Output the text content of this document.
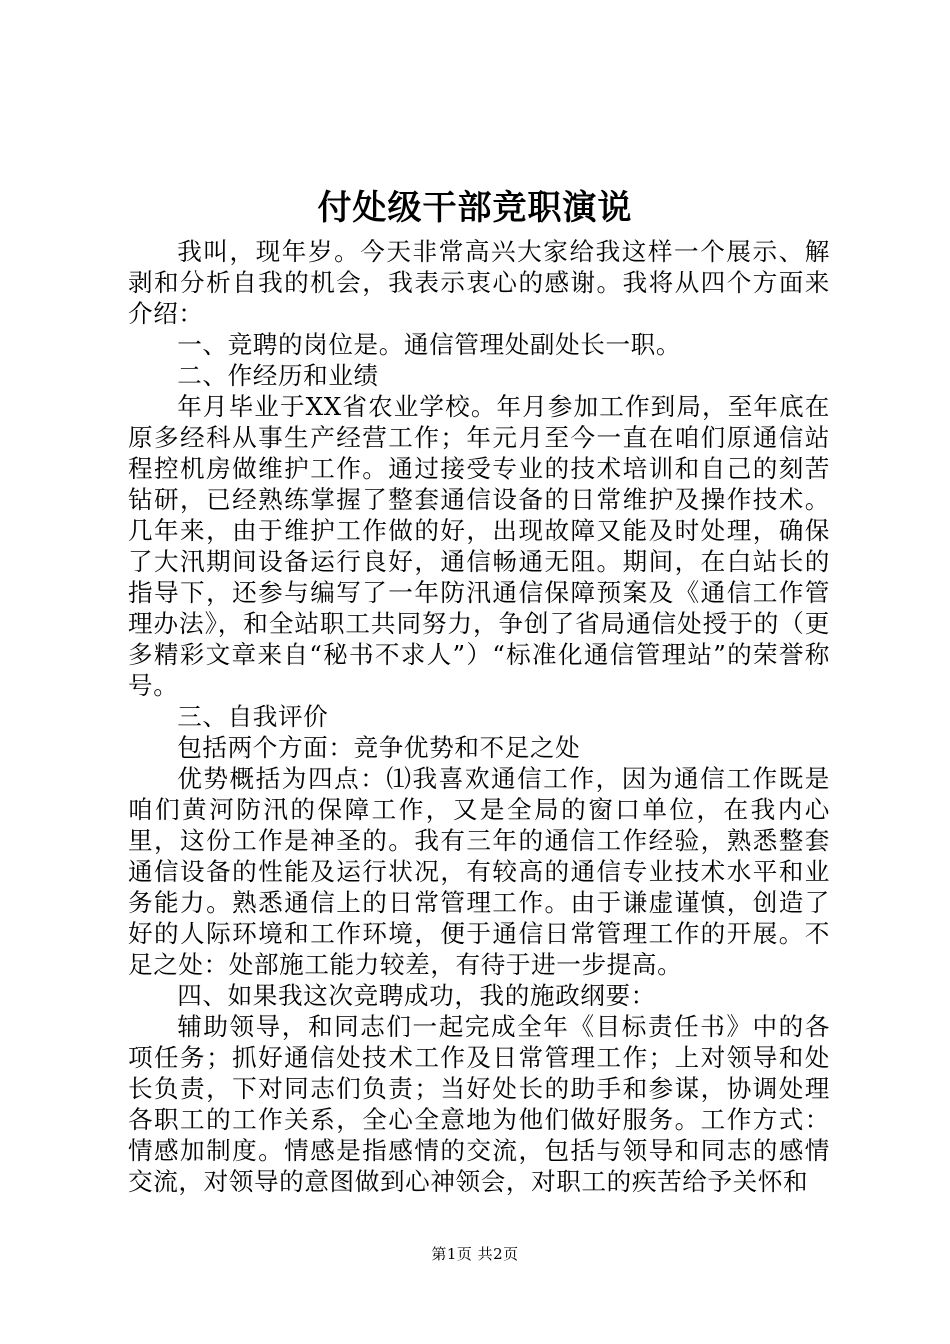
付处级干部竞职演说

我叫，现年岁。今天非常高兴大家给我这样一个展示、解剥和分析自我的机会，我表示衷心的感谢。我将从四个方面来介绍：

一、竞聘的岗位是。通信管理处副处长一职。

二、作经历和业绩

年月毕业于XX省农业学校。年月参加工作到局，至年底在原多经科从事生产经营工作；年元月至今一直在咱们原通信站程控机房做维护工作。通过接受专业的技术培训和自己的刻苦钻研，已经熟练掌握了整套通信设备的日常维护及操作技术。几年来，由于维护工作做的好，出现故障又能及时处理，确保了大汛期间设备运行良好，通信畅通无阻。期间，在白站长的指导下，还参与编写了一年防汛通信保障预案及《通信工作管理办法》，和全站职工共同努力，争创了省局通信处授于的（更多精彩文章来自“秘书不求人”）“标准化通信管理站”的荣誉称号。

三、自我评价

包括两个方面：竞争优势和不足之处

优势概括为四点：⑴我喜欢通信工作，因为通信工作既是咱们黄河防汛的保障工作，又是全局的窗口单位，在我内心里，这份工作是神圣的。我有三年的通信工作经验，熟悉整套通信设备的性能及运行状况，有较高的通信专业技术水平和业务能力。熟悉通信上的日常管理工作。由于谦虚谨慎，创造了好的人际环境和工作环境，便于通信日常管理工作的开展。不足之处：处部施工能力较差，有待于进一步提高。

四、如果我这次竞聘成功，我的施政纲要：

辅助领导，和同志们一起完成全年《目标责任书》中的各项任务；抓好通信处技术工作及日常管理工作；上对领导和处长负责，下对同志们负责；当好处长的助手和参谋，协调处理各职工的工作关系，全心全意地为他们做好服务。工作方式：情感加制度。情感是指感情的交流，包括与领导和同志的感情交流，对领导的意图做到心神领会，对职工的疾苦给予关怀和

第1页 共2页
